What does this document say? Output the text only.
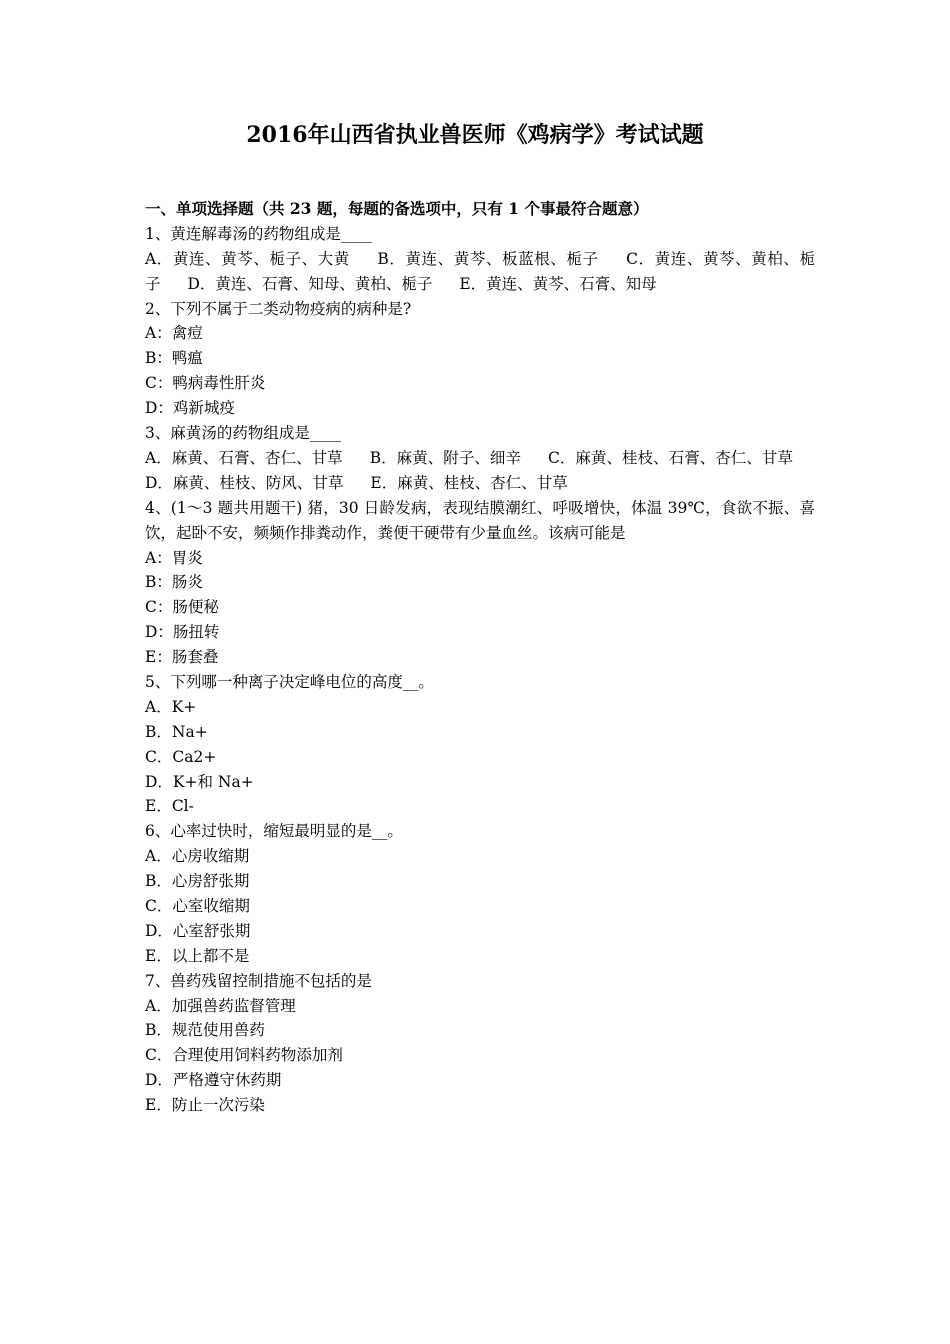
2016年山西省执业兽医师《鸡病学》考试试题
一、单项选择题（共 23 题，每题的备选项中，只有 1 个事最符合题意）
1、黄连解毒汤的药物组成是____
A．黄连、黄芩、栀子、大黄 B．黄连、黄芩、板蓝根、栀子 C．黄连、黄芩、黄柏、栀子 D．黄连、石膏、知母、黄柏、栀子 E．黄连、黄芩、石膏、知母
2、下列不属于二类动物疫病的病种是?
A：禽痘
B：鸭瘟
C：鸭病毒性肝炎
D：鸡新城疫
3、麻黄汤的药物组成是____
A．麻黄、石膏、杏仁、甘草 B．麻黄、附子、细辛 C．麻黄、桂枝、石膏、杏仁、甘草 D．麻黄、桂枝、防风、甘草 E．麻黄、桂枝、杏仁、甘草
4、(1～3 题共用题干) 猪，30 日龄发病，表现结膜潮红、呼吸增快，体温 39℃，食欲不振、喜饮，起卧不安，频频作排粪动作，粪便干硬带有少量血丝。该病可能是
A：胃炎
B：肠炎
C：肠便秘
D：肠扭转
E：肠套叠
5、下列哪一种离子决定峰电位的高度__。
A．K+
B．Na+
C．Ca2+
D．K+和 Na+
E．Cl-
6、心率过快时，缩短最明显的是__。
A．心房收缩期
B．心房舒张期
C．心室收缩期
D．心室舒张期
E．以上都不是
7、兽药残留控制措施不包括的是
A．加强兽药监督管理
B．规范使用兽药
C．合理使用饲料药物添加剂
D．严格遵守休药期
E．防止一次污染
